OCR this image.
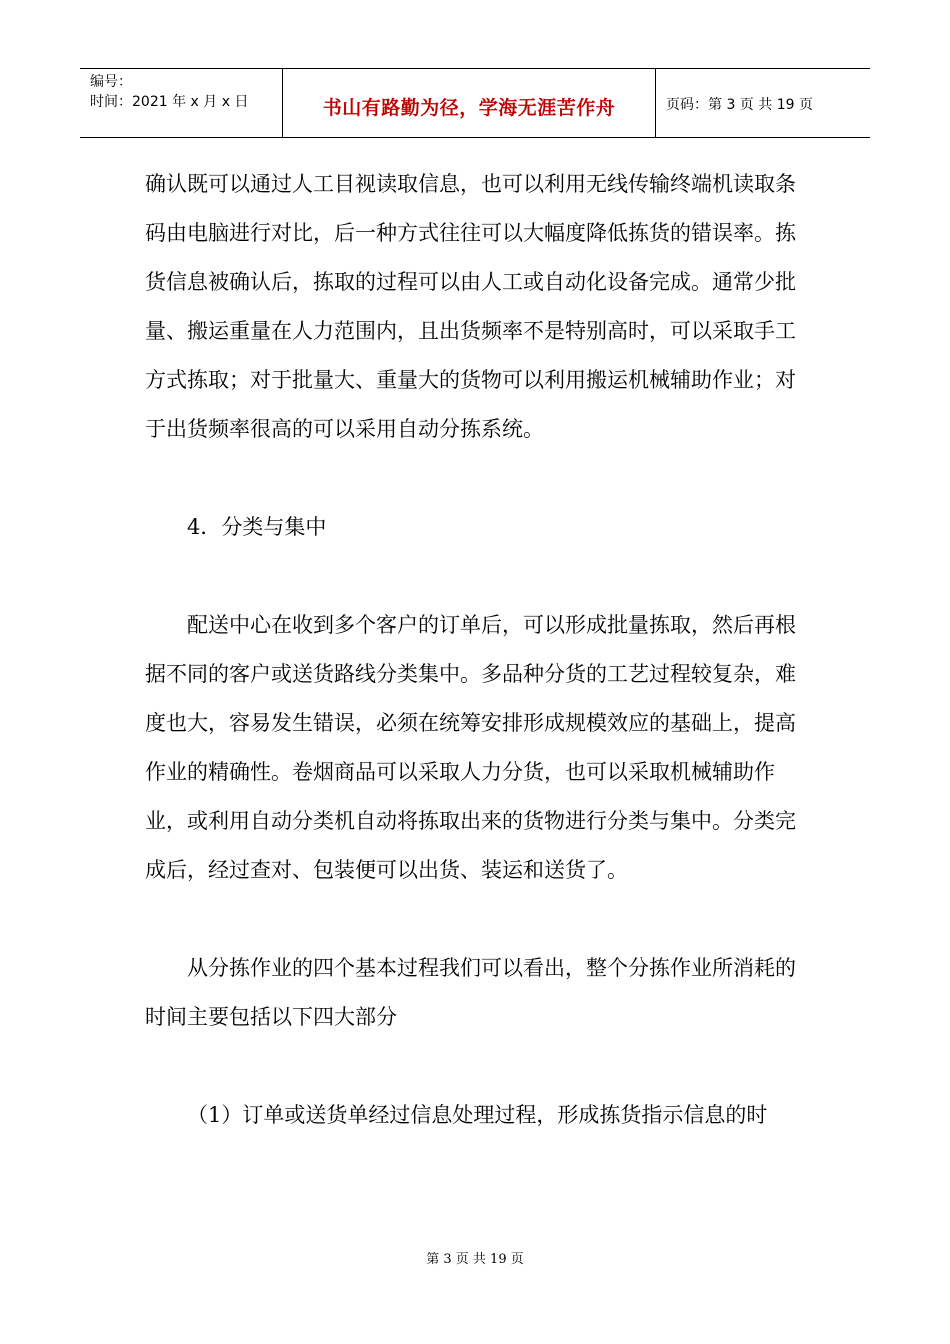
编号：
时间：2021 年 x 月 x 日	书山有路勤为径，学海无涯苦作舟	页码：第 3 页 共 19 页

确认既可以通过人工目视读取信息，也可以利用无线传输终端机读取条码由电脑进行对比，后一种方式往往可以大幅度降低拣货的错误率。拣货信息被确认后，拣取的过程可以由人工或自动化设备完成。通常少批量、搬运重量在人力范围内，且出货频率不是特别高时，可以采取手工方式拣取；对于批量大、重量大的货物可以利用搬运机械辅助作业；对于出货频率很高的可以采用自动分拣系统。

4．分类与集中

配送中心在收到多个客户的订单后，可以形成批量拣取，然后再根据不同的客户或送货路线分类集中。多品种分货的工艺过程较复杂，难度也大，容易发生错误，必须在统筹安排形成规模效应的基础上，提高作业的精确性。卷烟商品可以采取人力分货，也可以采取机械辅助作业，或利用自动分类机自动将拣取出来的货物进行分类与集中。分类完成后，经过查对、包装便可以出货、装运和送货了。

从分拣作业的四个基本过程我们可以看出，整个分拣作业所消耗的时间主要包括以下四大部分

（1）订单或送货单经过信息处理过程，形成拣货指示信息的时

第 3 页 共 19 页
